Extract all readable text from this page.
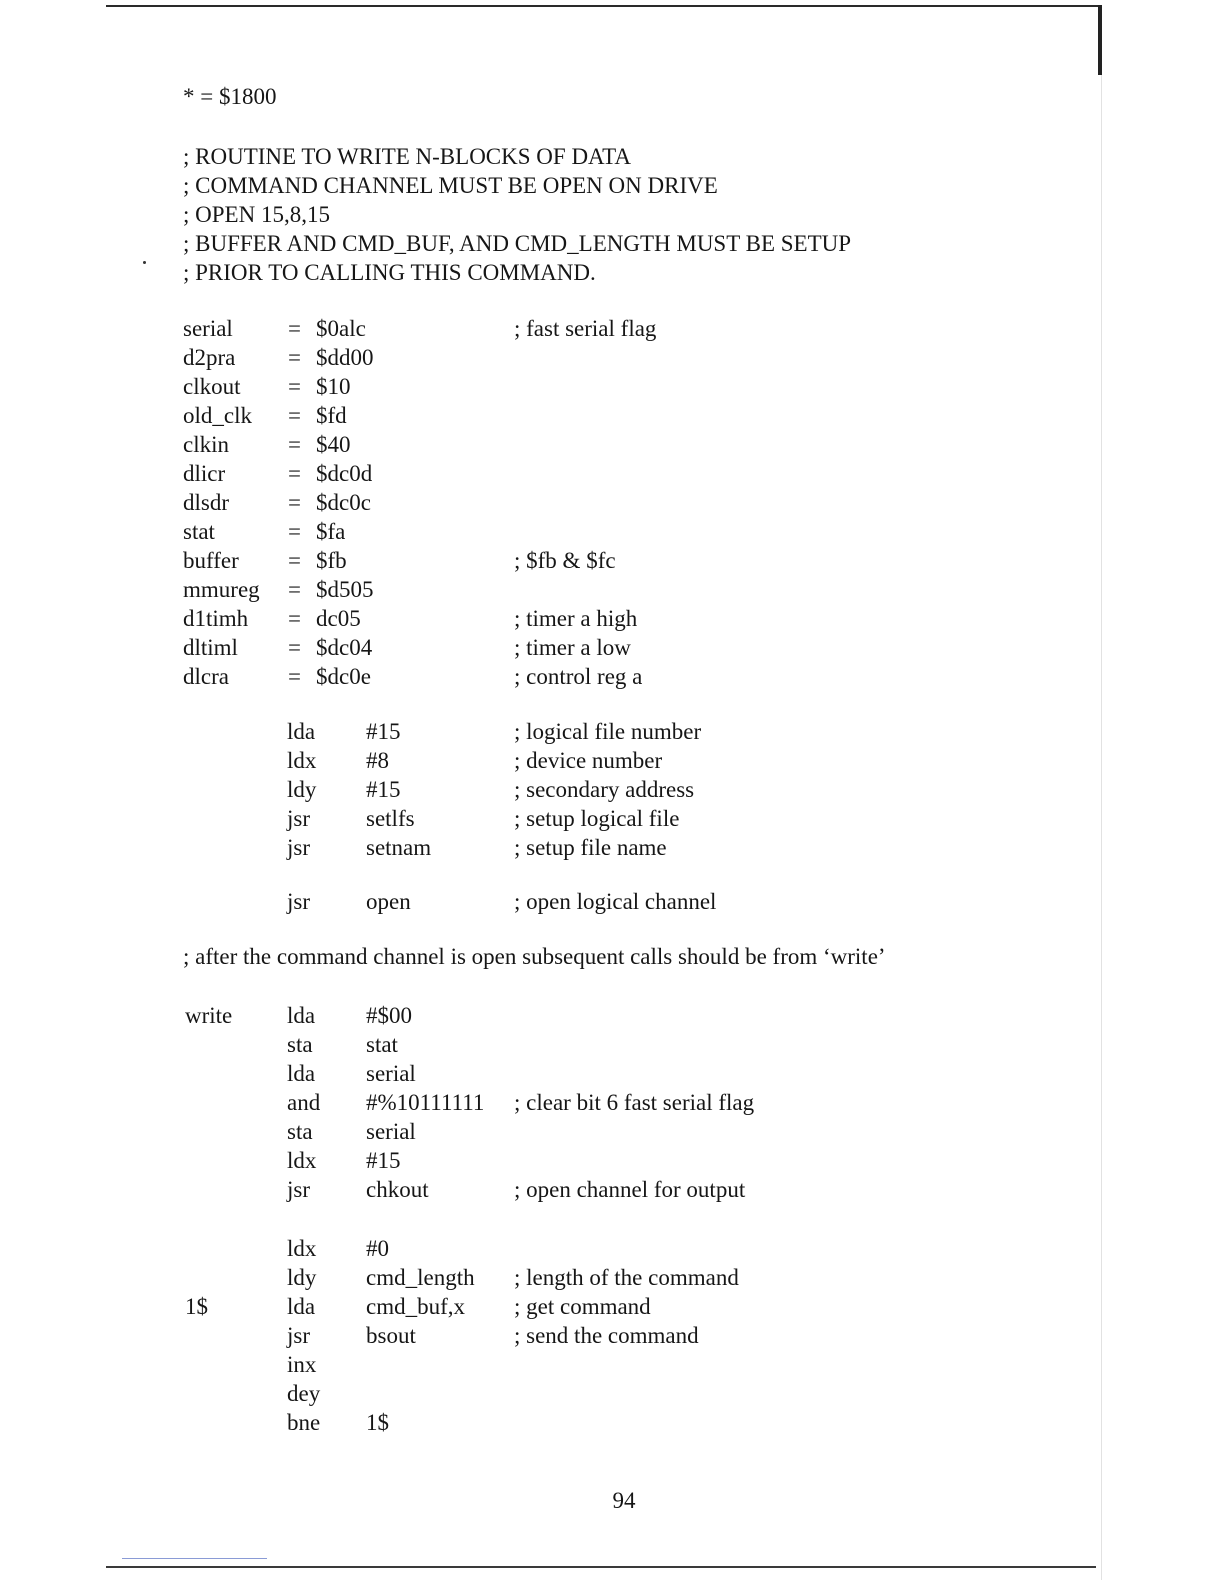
* = $1800
; ROUTINE TO WRITE N-BLOCKS OF DATA
; COMMAND CHANNEL MUST BE OPEN ON DRIVE
; OPEN 15,8,15
; BUFFER AND CMD_BUF, AND CMD_LENGTH MUST BE SETUP
; PRIOR TO CALLING THIS COMMAND.
serial = $0alc	; fast serial flag
d2pra = $dd00
clkout = $10
old_clk = $fd
clkin	= $40
dlicr	= $dc0d
dlsdr	= $dc0c
stat	= $fa
buffer = $fb	; $fb & $fc
mmureg = $d505
d1timh = dc05	; timer a high
dltiml = $dc04	; timer a low
dlcra	= $dc0e	; control reg a
lda #15	; logical file number
ldx #8	; device number
ldy #15	; secondary address
jsr setlfs	; setup logical file
jsr setnam	; setup file name
jsr open	; open logical channel
; after the command channel is open subsequent calls should be from ‘write’
write lda #$00
sta stat
lda serial
and #%10111111 ; clear bit 6 fast serial flag
sta serial
ldx #15
jsr chkout	; open channel for output
ldx #0
ldy cmd_length ; length of the command
1$	lda cmd_buf,x ; get command
jsr bsout	; send the command
inx
dey
bne 1$
94
